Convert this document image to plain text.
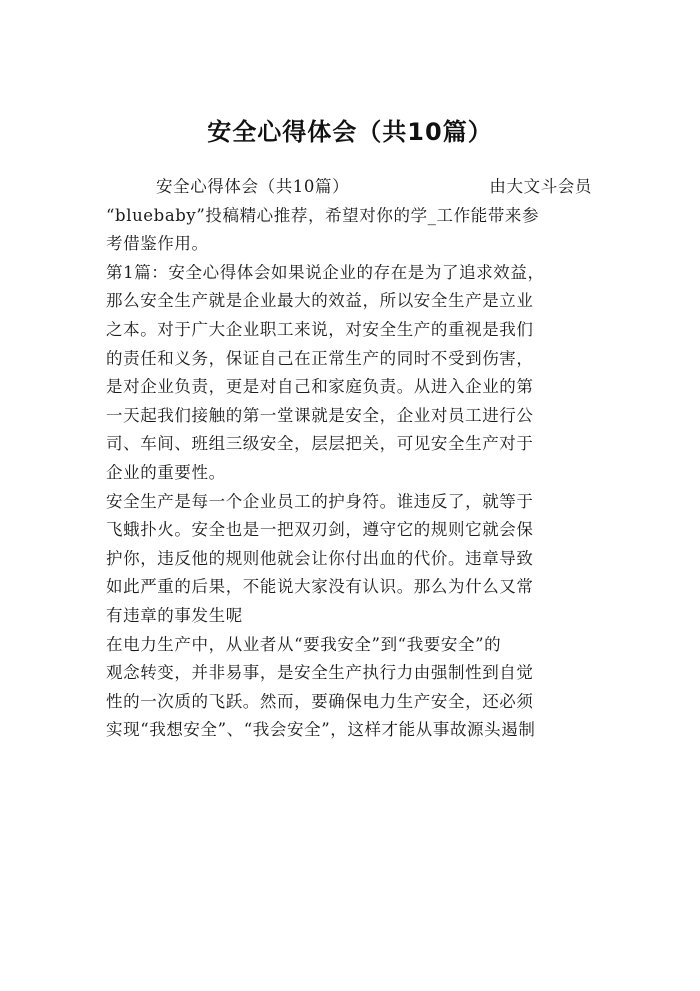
安全心得体会（共10篇）
安全心得体会（共10篇）	由大文斗会员
“bluebaby”投稿精心推荐，希望对你的学_工作能带来参
考借鉴作用。
第1篇：安全心得体会如果说企业的存在是为了追求效益，
那么安全生产就是企业最大的效益，所以安全生产是立业
之本。对于广大企业职工来说，对安全生产的重视是我们
的责任和义务，保证自己在正常生产的同时不受到伤害，
是对企业负责，更是对自己和家庭负责。从进入企业的第
一天起我们接触的第一堂课就是安全，企业对员工进行公
司、车间、班组三级安全，层层把关，可见安全生产对于
企业的重要性。
安全生产是每一个企业员工的护身符。谁违反了，就等于
飞蛾扑火。安全也是一把双刃剑，遵守它的规则它就会保
护你，违反他的规则他就会让你付出血的代价。违章导致
如此严重的后果，不能说大家没有认识。那么为什么又常
有违章的事发生呢
在电力生产中，从业者从“要我安全”到“我要安全”的
观念转变，并非易事，是安全生产执行力由强制性到自觉
性的一次质的飞跃。然而，要确保电力生产安全，还必须
实现“我想安全”、“我会安全”，这样才能从事故源头遏制
